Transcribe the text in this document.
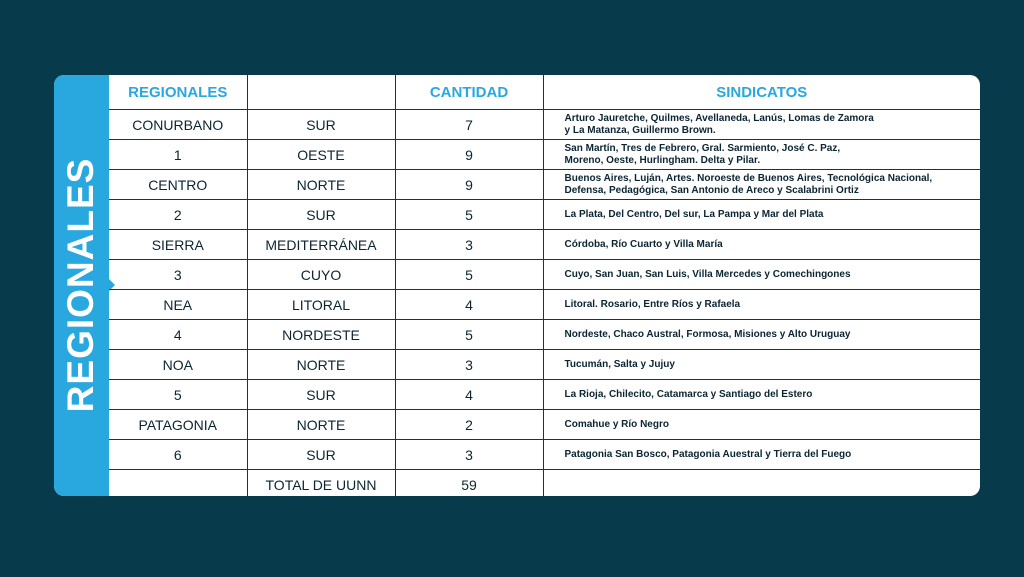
REGIONALES
REGIONALES		CANTIDAD	SINDICATOS
CONURBANO	SUR	7	Arturo Jauretche, Quilmes, Avellaneda, Lanús, Lomas de Zamora
y La Matanza, Guillermo Brown.

1	OESTE	9	San Martín, Tres de Febrero, Gral. Sarmiento, José C. Paz,
Moreno, Oeste, Hurlingham. Delta y Pilar.

CENTRO	NORTE	9	Buenos Aires, Luján, Artes. Noroeste de Buenos Aires, Tecnológica Nacional,
Defensa, Pedagógica, San Antonio de Areco y Scalabrini Ortiz

2	SUR	5	La Plata, Del Centro, Del sur, La Pampa y Mar del Plata

SIERRA	MEDITERRÁNEA	3	Córdoba, Río Cuarto y Villa María

3	CUYO	5	Cuyo, San Juan, San Luis, Villa Mercedes y Comechingones

NEA	LITORAL	4	Litoral. Rosario, Entre Ríos y Rafaela

4	NORDESTE	5	Nordeste, Chaco Austral, Formosa, Misiones y Alto Uruguay

NOA	NORTE	3	Tucumán, Salta y Jujuy

5	SUR	4	La Rioja, Chilecito, Catamarca y Santiago del Estero

PATAGONIA	NORTE	2	Comahue y Río Negro

6	SUR	3	Patagonia San Bosco, Patagonia Auestral y Tierra del Fuego

	TOTAL DE UUNN	59	
